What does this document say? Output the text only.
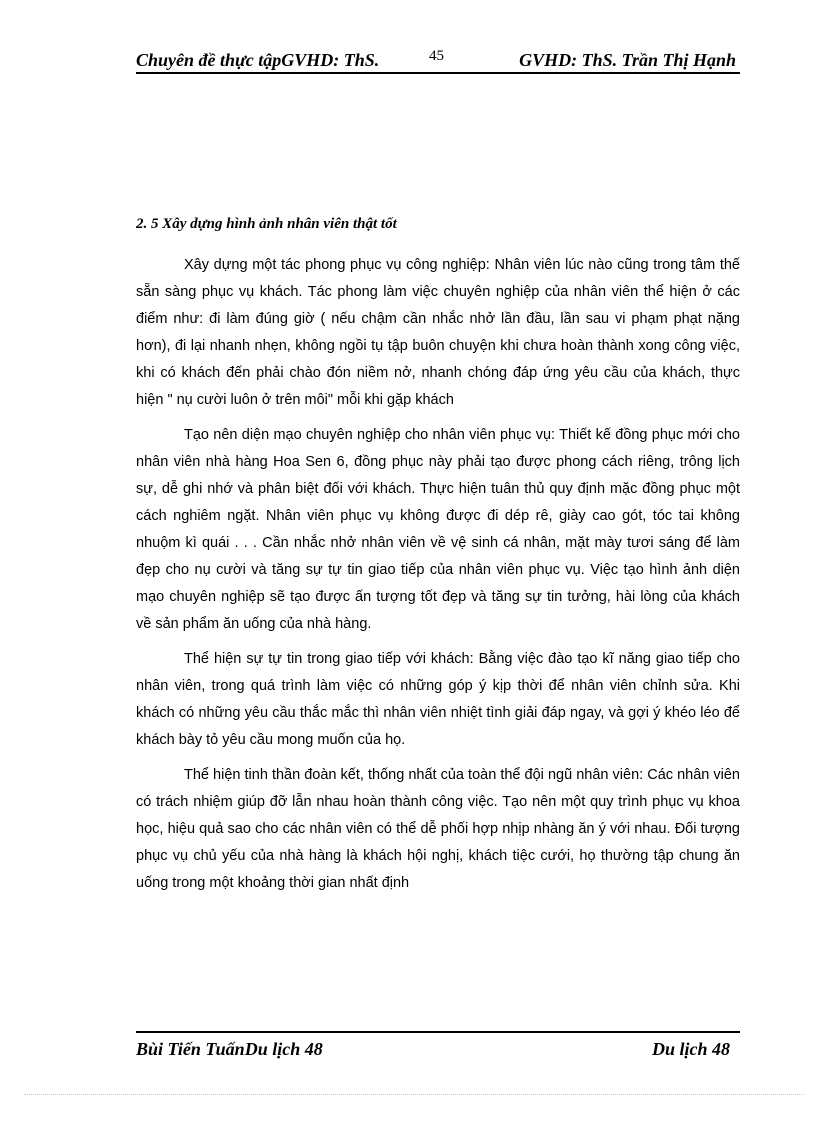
Chuyên đề thực tậpGVHD: ThS.	45	GVHD: ThS. Trần Thị Hạnh
2. 5 Xây dựng hình ảnh nhân viên thật tốt

Xây dựng một tác phong phục vụ công nghiệp: Nhân viên lúc nào cũng trong tâm thế sẵn sàng phục vụ khách. Tác phong làm việc chuyên nghiệp của nhân viên thể hiện ở các điểm như: đi làm đúng giờ ( nếu chậm cần nhắc nhở lần đầu, lần sau vi phạm phạt nặng hơn), đi lại nhanh nhẹn, không ngồi tụ tập buôn chuyện khi chưa hoàn thành xong công việc, khi có khách đến phải chào đón niềm nở, nhanh chóng đáp ứng yêu cầu của khách, thực hiện " nụ cười luôn ở trên môi" mỗi khi gặp khách

Tạo nên diện mạo chuyên nghiệp cho nhân viên phục vụ: Thiết kế đồng phục mới cho nhân viên nhà hàng Hoa Sen 6, đồng phục này phải tạo được phong cách riêng, trông lịch sự, dễ ghi nhớ và phân biệt đối với khách. Thực hiện tuân thủ quy định mặc đồng phục một cách nghiêm ngặt. Nhân viên phục vụ không được đi dép rê, giày cao gót, tóc tai không nhuộm kì quái . . . Cần nhắc nhở nhân viên về vệ sinh cá nhân, mặt mày tươi sáng để làm đẹp cho nụ cười và tăng sự tự tin giao tiếp của nhân viên phục vụ. Việc tạo hình ảnh diện mạo chuyên nghiệp sẽ tạo được ấn tượng tốt đẹp và tăng sự tin tưởng, hài lòng của khách về sản phẩm ăn uống của nhà hàng.

Thể hiện sự tự tin trong giao tiếp với khách: Bằng việc đào tạo kĩ năng giao tiếp cho nhân viên, trong quá trình làm việc có những góp ý kịp thời để nhân viên chỉnh sửa. Khi khách có những yêu cầu thắc mắc thì nhân viên nhiệt tình giải đáp ngay, và gợi ý khéo léo để khách bày tỏ yêu cầu mong muốn của họ.

Thể hiện tinh thần đoàn kết, thống nhất của toàn thể đội ngũ nhân viên: Các nhân viên có trách nhiệm giúp đỡ lẫn nhau hoàn thành công việc. Tạo nên một quy trình phục vụ khoa học, hiệu quả sao cho các nhân viên có thể dễ phối hợp nhịp nhàng ăn ý với nhau. Đối tượng phục vụ chủ yếu của nhà hàng là khách hội nghị, khách tiệc cưới, họ thường tập chung ăn uống trong một khoảng thời gian nhất định

Bùi Tiến TuấnDu lịch 48	Du lịch 48
